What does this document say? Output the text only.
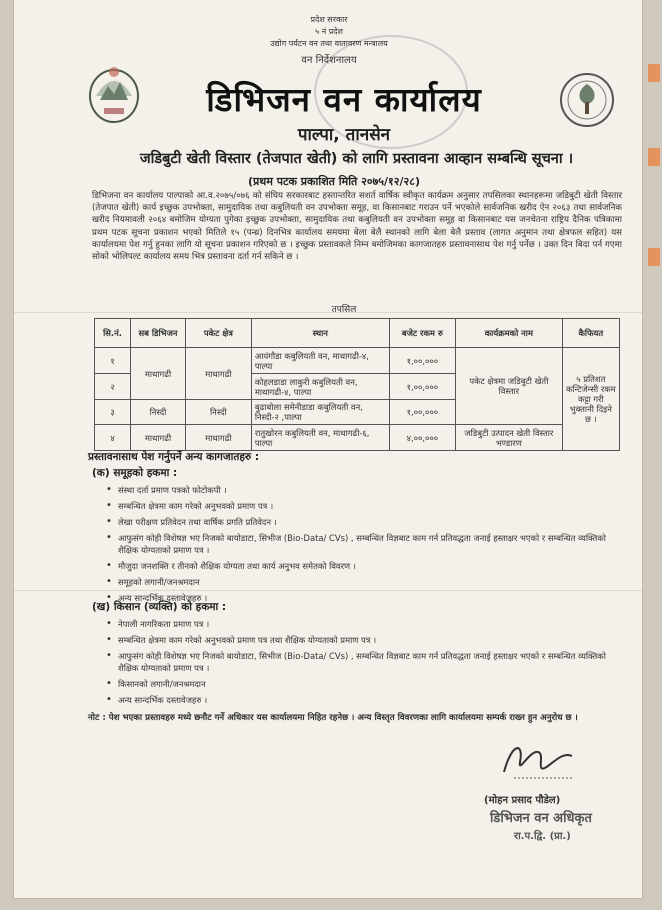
प्रदेश सरकार
५ नं प्रदेश
उद्योग पर्यटन वन तथा वातावरण मन्त्रालय
वन निर्देशनालय
डिभिजन वन कार्यालय
पाल्पा, तानसेन
जडिबुटी खेती विस्तार (तेजपात खेती) को लागि प्रस्तावना आव्हान सम्बन्धि सूचना ।
(प्रथम पटक प्रकाशित मिति २०७५/१२/२८)
डिभिजना वन कार्यालय पाल्पाको आ.व.२०७५/०७६ को संघिय सरकारबाट हस्तान्तरित सशर्त वार्षिक स्वीकृत कार्यक्रम अनुसार तपसिलका स्थानहरूमा जडिबुटी खेती विस्तार (तेजपात खेती) कार्य इच्छुक उपभोक्ता, सामुदायिक तथा कबुलियती वन उपभोक्ता समूह, वा किसानबाट गराउन पर्ने भएकोले सार्वजनिक खरीद ऐन २०६३ तथा सार्वजनिक खरीद नियमावली २०६४ बमोजिम योग्यता पुगेका इच्छुक उपभोक्ता, सामुदायिक तथा कबुलियती वन उपभोक्ता समूह वा किसानबाट यस जनचेतना राष्ट्रिय दैनिक पत्रिकामा प्रथम पटक सूचना प्रकाशन भएको मितिले १५ (पन्ध्र) दिनभित्र कार्यालय समयमा बेला बेलै स्थानको लागि बेला बेलै प्रस्ताव (लागत अनुमान तथा क्षेत्रफल सहित) यस कार्यालयमा पेश गर्नु हुनका लागि यो सूचना प्रकाशन गरिएको छ । इच्छुक प्रस्तावकले निम्न बमोजिमका कागजातहरु प्रस्तावनासाथ पेश गर्नु पर्नेछ । उक्त दिन बिदा पर्न गएमा सोको भोलिपल्ट कार्यालय समय भित्र प्रस्तावना दर्ता गर्न सकिने छ ।
तपसिल
सि.नं.	सब डिभिजन	पकेट क्षेत्र	स्थान	बजेट रकम रु	कार्यक्रमको नाम	कैफियत
१	माथागढी	माथागढी	आयंगौडा कबुलियती वन, माथागढी-४, पाल्पा	१,००,०००	पकेट क्षेत्रमा जडिबुटी खेती विस्तार	५ प्रतिशत कन्टिजेन्सी रकम कट्टा गरी भुक्तानी दिइने छ ।
२			कोहलडाडा लाकुरी कबुलियती वन, माथागढी-४, पाल्पा	१,००,०००		
३	निस्दी	निस्दी	बुढाबोला समेनीडाडा कबुलियती वन, निस्दी-२ ,पाल्पा	१,००,०००		
४	माथागढी	माथागढी	रातुखोरन कबुलियती वन, माथागढी-६, पाल्पा	४,००,०००	जडिबुटी उत्पादन खेती विस्तार भण्डारण	
प्रस्तावनासाथ पेश गर्नुपर्ने अन्य कागजातहरु :
(क) समूहको हकमा :
• संस्था दर्ता प्रमाण पत्रको फोटोकपी ।
• सम्बन्धित क्षेत्रमा काम गरेको अनुभवको प्रमाण पत्र ।
• लेखा परीक्षण प्रतिवेदन तथा वार्षिक प्रगति प्रतिवेदन ।
• आफुसंग कोही विशेषज्ञ भए निजको बायोडाटा, सिभीज (Bio-Data/ CVs) , सम्बन्धित विज्ञबाट काम गर्न प्रतिवद्धता जनाई हस्ताक्षर भएको र सम्बन्धित व्यक्तिको शैक्षिक योग्यताको प्रमाण पत्र ।
• मौजुदा जनशक्ति र तीनको शैक्षिक योग्यता तथा कार्य अनुभव समेतको विवरण ।
• समूहको लगानी/जनश्रमदान
• अन्य सान्दर्भिक दस्तावेजहरु ।
(ख) किसान (व्यक्ति) को हकमा :
• नेपाली नागरिकता प्रमाण पत्र ।
• सम्बन्धित क्षेत्रमा काम गरेको अनुभवको प्रमाण पत्र तथा शैक्षिक योग्यताको प्रमाण पत्र ।
• आफुसंग कोही विशेषज्ञ भए निजको बायोडाटा, सिभीज (Bio-Data/ CVs) , सम्बन्धित विज्ञबाट काम गर्न प्रतिवद्धता जनाई हस्ताक्षर भएको र सम्बन्धित व्यक्तिको शैक्षिक योग्यताको प्रमाण पत्र ।
• किसानको लगानी/जनश्रमदान
• अन्य सान्दर्भिक दस्तावेजहरु ।
नोट : पेश भएका प्रस्तावहरु मध्ये छनौट गर्ने अधिकार यस कार्यालयमा निहित रहनेछ । अन्य विस्तृत विवरणका लागि कार्यालयमा सम्पर्क राख्न हुन अनुरोध छ ।
(मोहन प्रसाद पौडेल)
डिभिजन वन अधिकृत
रा.प.द्वि. (प्रा.)
